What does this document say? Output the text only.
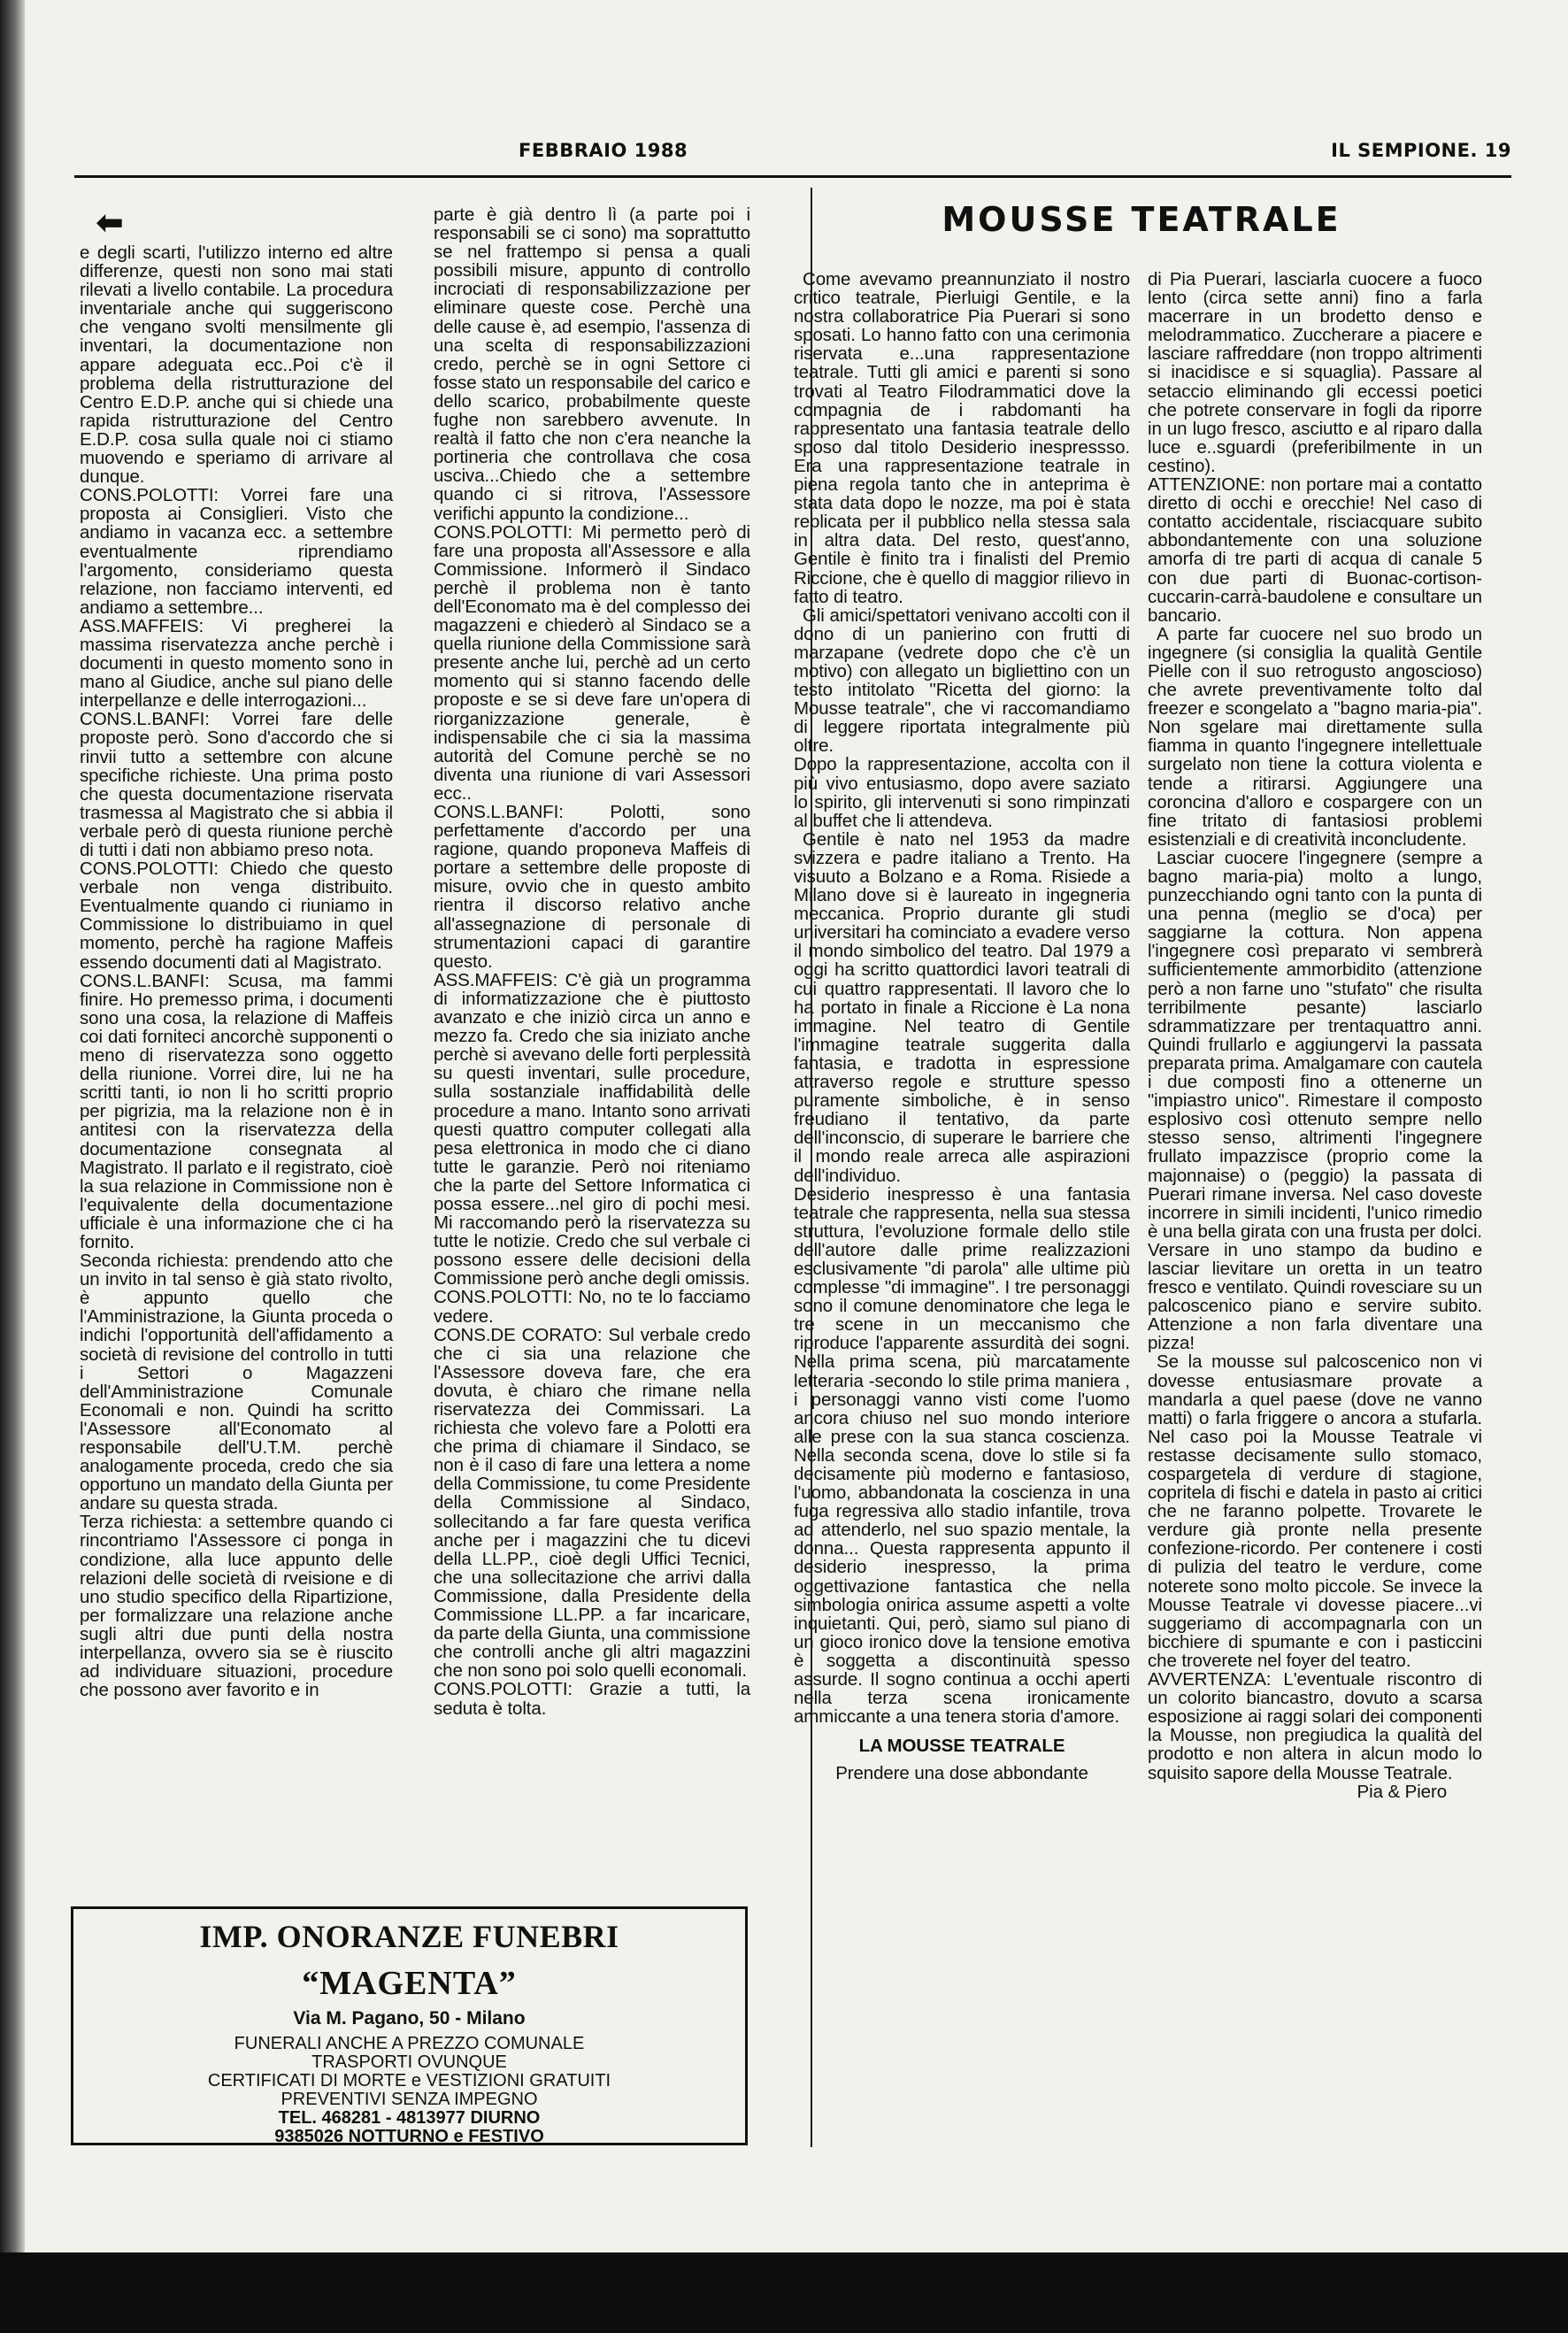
FEBBRAIO 1988	IL SEMPIONE. 19
⬅

e degli scarti, l'utilizzo interno ed altre differenze, questi non sono mai stati rilevati a livello contabile. La procedura inventariale anche qui suggeriscono che vengano svolti mensilmente gli inventari, la documentazione non appare adeguata ecc..Poi c'è il problema della ristrutturazione del Centro E.D.P. anche qui si chiede una rapida ristrutturazione del Centro E.D.P. cosa sulla quale noi ci stiamo muovendo e speriamo di arrivare al dunque.

CONS.POLOTTI: Vorrei fare una proposta ai Consiglieri. Visto che andiamo in vacanza ecc. a settembre eventualmente riprendiamo l'argomento, consideriamo questa relazione, non facciamo interventi, ed andiamo a settembre...

ASS.MAFFEIS: Vi pregherei la massima riservatezza anche perchè i documenti in questo momento sono in mano al Giudice, anche sul piano delle interpellanze e delle interrogazioni...

CONS.L.BANFI: Vorrei fare delle proposte però. Sono d'accordo che si rinvii tutto a settembre con alcune specifiche richieste. Una prima posto che questa documentazione riservata trasmessa al Magistrato che si abbia il verbale però di questa riunione perchè di tutti i dati non abbiamo preso nota.

CONS.POLOTTI: Chiedo che questo verbale non venga distribuito. Eventualmente quando ci riuniamo in Commissione lo distribuiamo in quel momento, perchè ha ragione Maffeis essendo documenti dati al Magistrato.

CONS.L.BANFI: Scusa, ma fammi finire. Ho premesso prima, i documenti sono una cosa, la relazione di Maffeis coi dati forniteci ancorchè supponenti o meno di riservatezza sono oggetto della riunione. Vorrei dire, lui ne ha scritti tanti, io non li ho scritti proprio per pigrizia, ma la relazione non è in antitesi con la riservatezza della documentazione consegnata al Magistrato. Il parlato e il registrato, cioè la sua relazione in Commissione non è l'equivalente della documentazione ufficiale è una informazione che ci ha fornito.

Seconda richiesta: prendendo atto che un invito in tal senso è già stato rivolto, è appunto quello che l'Amministrazione, la Giunta proceda o indichi l'opportunità dell'affidamento a società di revisione del controllo in tutti i Settori o Magazzeni dell'Amministrazione Comunale Economali e non. Quindi ha scritto l'Assessore all'Economato al responsabile dell'U.T.M. perchè analogamente proceda, credo che sia opportuno un mandato della Giunta per andare su questa strada.

Terza richiesta: a settembre quando ci rincontriamo l'Assessore ci ponga in condizione, alla luce appunto delle relazioni delle società di rveisione e di uno studio specifico della Ripartizione, per formalizzare una relazione anche sugli altri due punti della nostra interpellanza, ovvero sia se è riuscito ad individuare situazioni, procedure che possono aver favorito e in

parte è già dentro lì (a parte poi i responsabili se ci sono) ma soprattutto se nel frattempo si pensa a quali possibili misure, appunto di controllo incrociati di responsabilizzazione per eliminare queste cose. Perchè una delle cause è, ad esempio, l'assenza di una scelta di responsabilizzazioni credo, perchè se in ogni Settore ci fosse stato un responsabile del carico e dello scarico, probabilmente queste fughe non sarebbero avvenute. In realtà il fatto che non c'era neanche la portineria che controllava che cosa usciva...Chiedo che a settembre quando ci si ritrova, l'Assessore verifichi appunto la condizione...

CONS.POLOTTI: Mi permetto però di fare una proposta all'Assessore e alla Commissione. Informerò il Sindaco perchè il problema non è tanto dell'Economato ma è del complesso dei magazzeni e chiederò al Sindaco se a quella riunione della Commissione sarà presente anche lui, perchè ad un certo momento qui si stanno facendo delle proposte e se si deve fare un'opera di riorganizzazione generale, è indispensabile che ci sia la massima autorità del Comune perchè se no diventa una riunione di vari Assessori ecc..

CONS.L.BANFI: Polotti, sono perfettamente d'accordo per una ragione, quando proponeva Maffeis di portare a settembre delle proposte di misure, ovvio che in questo ambito rientra il discorso relativo anche all'assegnazione di personale di strumentazioni capaci di garantire questo.

ASS.MAFFEIS: C'è già un programma di informatizzazione che è piuttosto avanzato e che iniziò circa un anno e mezzo fa. Credo che sia iniziato anche perchè si avevano delle forti perplessità su questi inventari, sulle procedure, sulla sostanziale inaffidabilità delle procedure a mano. Intanto sono arrivati questi quattro computer collegati alla pesa elettronica in modo che ci diano tutte le garanzie. Però noi riteniamo che la parte del Settore Informatica ci possa essere...nel giro di pochi mesi. Mi raccomando però la riservatezza su tutte le notizie. Credo che sul verbale ci possono essere delle decisioni della Commissione però anche degli omissis.

CONS.POLOTTI: No, no te lo facciamo vedere.

CONS.DE CORATO: Sul verbale credo che ci sia una relazione che l'Assessore doveva fare, che era dovuta, è chiaro che rimane nella riservatezza dei Commissari. La richiesta che volevo fare a Polotti era che prima di chiamare il Sindaco, se non è il caso di fare una lettera a nome della Commissione, tu come Presidente della Commissione al Sindaco, sollecitando a far fare questa verifica anche per i magazzini che tu dicevi della LL.PP., cioè degli Uffici Tecnici, che una sollecitazione che arrivi dalla Commissione, dalla Presidente della Commissione LL.PP. a far incaricare, da parte della Giunta, una commissione che controlli anche gli altri magazzini che non sono poi solo quelli economali.

CONS.POLOTTI: Grazie a tutti, la seduta è tolta.

MOUSSE TEATRALE

Come avevamo preannunziato il nostro critico teatrale, Pierluigi Gentile, e la nostra collaboratrice Pia Puerari si sono sposati. Lo hanno fatto con una cerimonia riservata e...una rappresentazione teatrale. Tutti gli amici e parenti si sono trovati al Teatro Filodrammatici dove la compagnia de i rabdomanti ha rappresentato una fantasia teatrale dello sposo dal titolo Desiderio inespressso. Era una rappresentazione teatrale in piena regola tanto che in anteprima è stata data dopo le nozze, ma poi è stata replicata per il pubblico nella stessa sala in altra data. Del resto, quest'anno, Gentile è finito tra i finalisti del Premio Riccione, che è quello di maggior rilievo in fatto di teatro.

Gli amici/spettatori venivano accolti con il dono di un panierino con frutti di marzapane (vedrete dopo che c'è un motivo) con allegato un bigliettino con un testo intitolato "Ricetta del giorno: la Mousse teatrale", che vi raccomandiamo di leggere riportata integralmente più oltre.

Dopo la rappresentazione, accolta con il più vivo entusiasmo, dopo avere saziato lo spirito, gli intervenuti si sono rimpinzati al buffet che li attendeva.

Gentile è nato nel 1953 da madre svizzera e padre italiano a Trento. Ha visuuto a Bolzano e a Roma. Risiede a Milano dove si è laureato in ingegneria meccanica. Proprio durante gli studi universitari ha cominciato a evadere verso il mondo simbolico del teatro. Dal 1979 a oggi ha scritto quattordici lavori teatrali di cui quattro rappresentati. Il lavoro che lo ha portato in finale a Riccione è La nona immagine. Nel teatro di Gentile l'immagine teatrale suggerita dalla fantasia, e tradotta in espressione attraverso regole e strutture spesso puramente simboliche, è in senso freudiano il tentativo, da parte dell'inconscio, di superare le barriere che il mondo reale arreca alle aspirazioni dell'individuo.

Desiderio inespresso è una fantasia teatrale che rappresenta, nella sua stessa struttura, l'evoluzione formale dello stile dell'autore dalle prime realizzazioni esclusivamente "di parola" alle ultime più complesse "di immagine". I tre personaggi sono il comune denominatore che lega le tre scene in un meccanismo che riproduce l'apparente assurdità dei sogni. Nella prima scena, più marcatamente letteraria -secondo lo stile prima maniera , i personaggi vanno visti come l'uomo ancora chiuso nel suo mondo interiore alle prese con la sua stanca coscienza. Nella seconda scena, dove lo stile si fa decisamente più moderno e fantasioso, l'uomo, abbandonata la coscienza in una fuga regressiva allo stadio infantile, trova ad attenderlo, nel suo spazio mentale, la donna... Questa rappresenta appunto il desiderio inespresso, la prima oggettivazione fantastica che nella simbologia onirica assume aspetti a volte inquietanti. Qui, però, siamo sul piano di un gioco ironico dove la tensione emotiva è soggetta a discontinuità spesso assurde. Il sogno continua a occhi aperti nella terza scena ironicamente ammiccante a una tenera storia d'amore.

LA MOUSSE TEATRALE

Prendere una dose abbondante

di Pia Puerari, lasciarla cuocere a fuoco lento (circa sette anni) fino a farla macerrare in un brodetto denso e melodrammatico. Zuccherare a piacere e lasciare raffreddare (non troppo altrimenti si inacidisce e si squaglia). Passare al setaccio eliminando gli eccessi poetici che potrete conservare in fogli da riporre in un lugo fresco, asciutto e al riparo dalla luce e..sguardi (preferibilmente in un cestino).

ATTENZIONE: non portare mai a contatto diretto di occhi e orecchie! Nel caso di contatto accidentale, risciacquare subito abbondantemente con una soluzione amorfa di tre parti di acqua di canale 5 con due parti di Buonac-cortison-cuccarin-carrà-baudolene e consultare un bancario.

A parte far cuocere nel suo brodo un ingegnere (si consiglia la qualità Gentile Pielle con il suo retrogusto angoscioso) che avrete preventivamente tolto dal freezer e scongelato a "bagno maria-pia". Non sgelare mai direttamente sulla fiamma in quanto l'ingegnere intellettuale surgelato non tiene la cottura violenta e tende a ritirarsi. Aggiungere una coroncina d'alloro e cospargere con un fine tritato di fantasiosi problemi esistenziali e di creatività inconcludente.

Lasciar cuocere l'ingegnere (sempre a bagno maria-pia) molto a lungo, punzecchiando ogni tanto con la punta di una penna (meglio se d'oca) per saggiarne la cottura. Non appena l'ingegnere così preparato vi sembrerà sufficientemente ammorbidito (attenzione però a non farne uno "stufato" che risulta terribilmente pesante) lasciarlo sdrammatizzare per trentaquattro anni. Quindi frullarlo e aggiungervi la passata preparata prima. Amalgamare con cautela i due composti fino a ottenerne un "impiastro unico". Rimestare il composto esplosivo così ottenuto sempre nello stesso senso, altrimenti l'ingegnere frullato impazzisce (proprio come la majonnaise) o (peggio) la passata di Puerari rimane inversa. Nel caso doveste incorrere in simili incidenti, l'unico rimedio è una bella girata con una frusta per dolci. Versare in uno stampo da budino e lasciar lievitare un oretta in un teatro fresco e ventilato. Quindi rovesciare su un palcoscenico piano e servire subito. Attenzione a non farla diventare una pizza!

Se la mousse sul palcoscenico non vi dovesse entusiasmare provate a mandarla a quel paese (dove ne vanno matti) o farla friggere o ancora a stufarla. Nel caso poi la Mousse Teatrale vi restasse decisamente sullo stomaco, cospargetela di verdure di stagione, copritela di fischi e datela in pasto ai critici che ne faranno polpette. Trovarete le verdure già pronte nella presente confezione-ricordo. Per contenere i costi di pulizia del teatro le verdure, come noterete sono molto piccole. Se invece la Mousse Teatrale vi dovesse piacere...vi suggeriamo di accompagnarla con un bicchiere di spumante e con i pasticcini che troverete nel foyer del teatro.

AVVERTENZA: L'eventuale riscontro di un colorito biancastro, dovuto a scarsa esposizione ai raggi solari dei componenti la Mousse, non pregiudica la qualità del prodotto e non altera in alcun modo lo squisito sapore della Mousse Teatrale.

Pia & Piero

IMP. ONORANZE FUNEBRI
“MAGENTA”
Via M. Pagano, 50 - Milano
FUNERALI ANCHE A PREZZO COMUNALE
TRASPORTI OVUNQUE
CERTIFICATI DI MORTE e VESTIZIONI GRATUITI
PREVENTIVI SENZA IMPEGNO
TEL. 468281 - 4813977 DIURNO
9385026 NOTTURNO e FESTIVO
